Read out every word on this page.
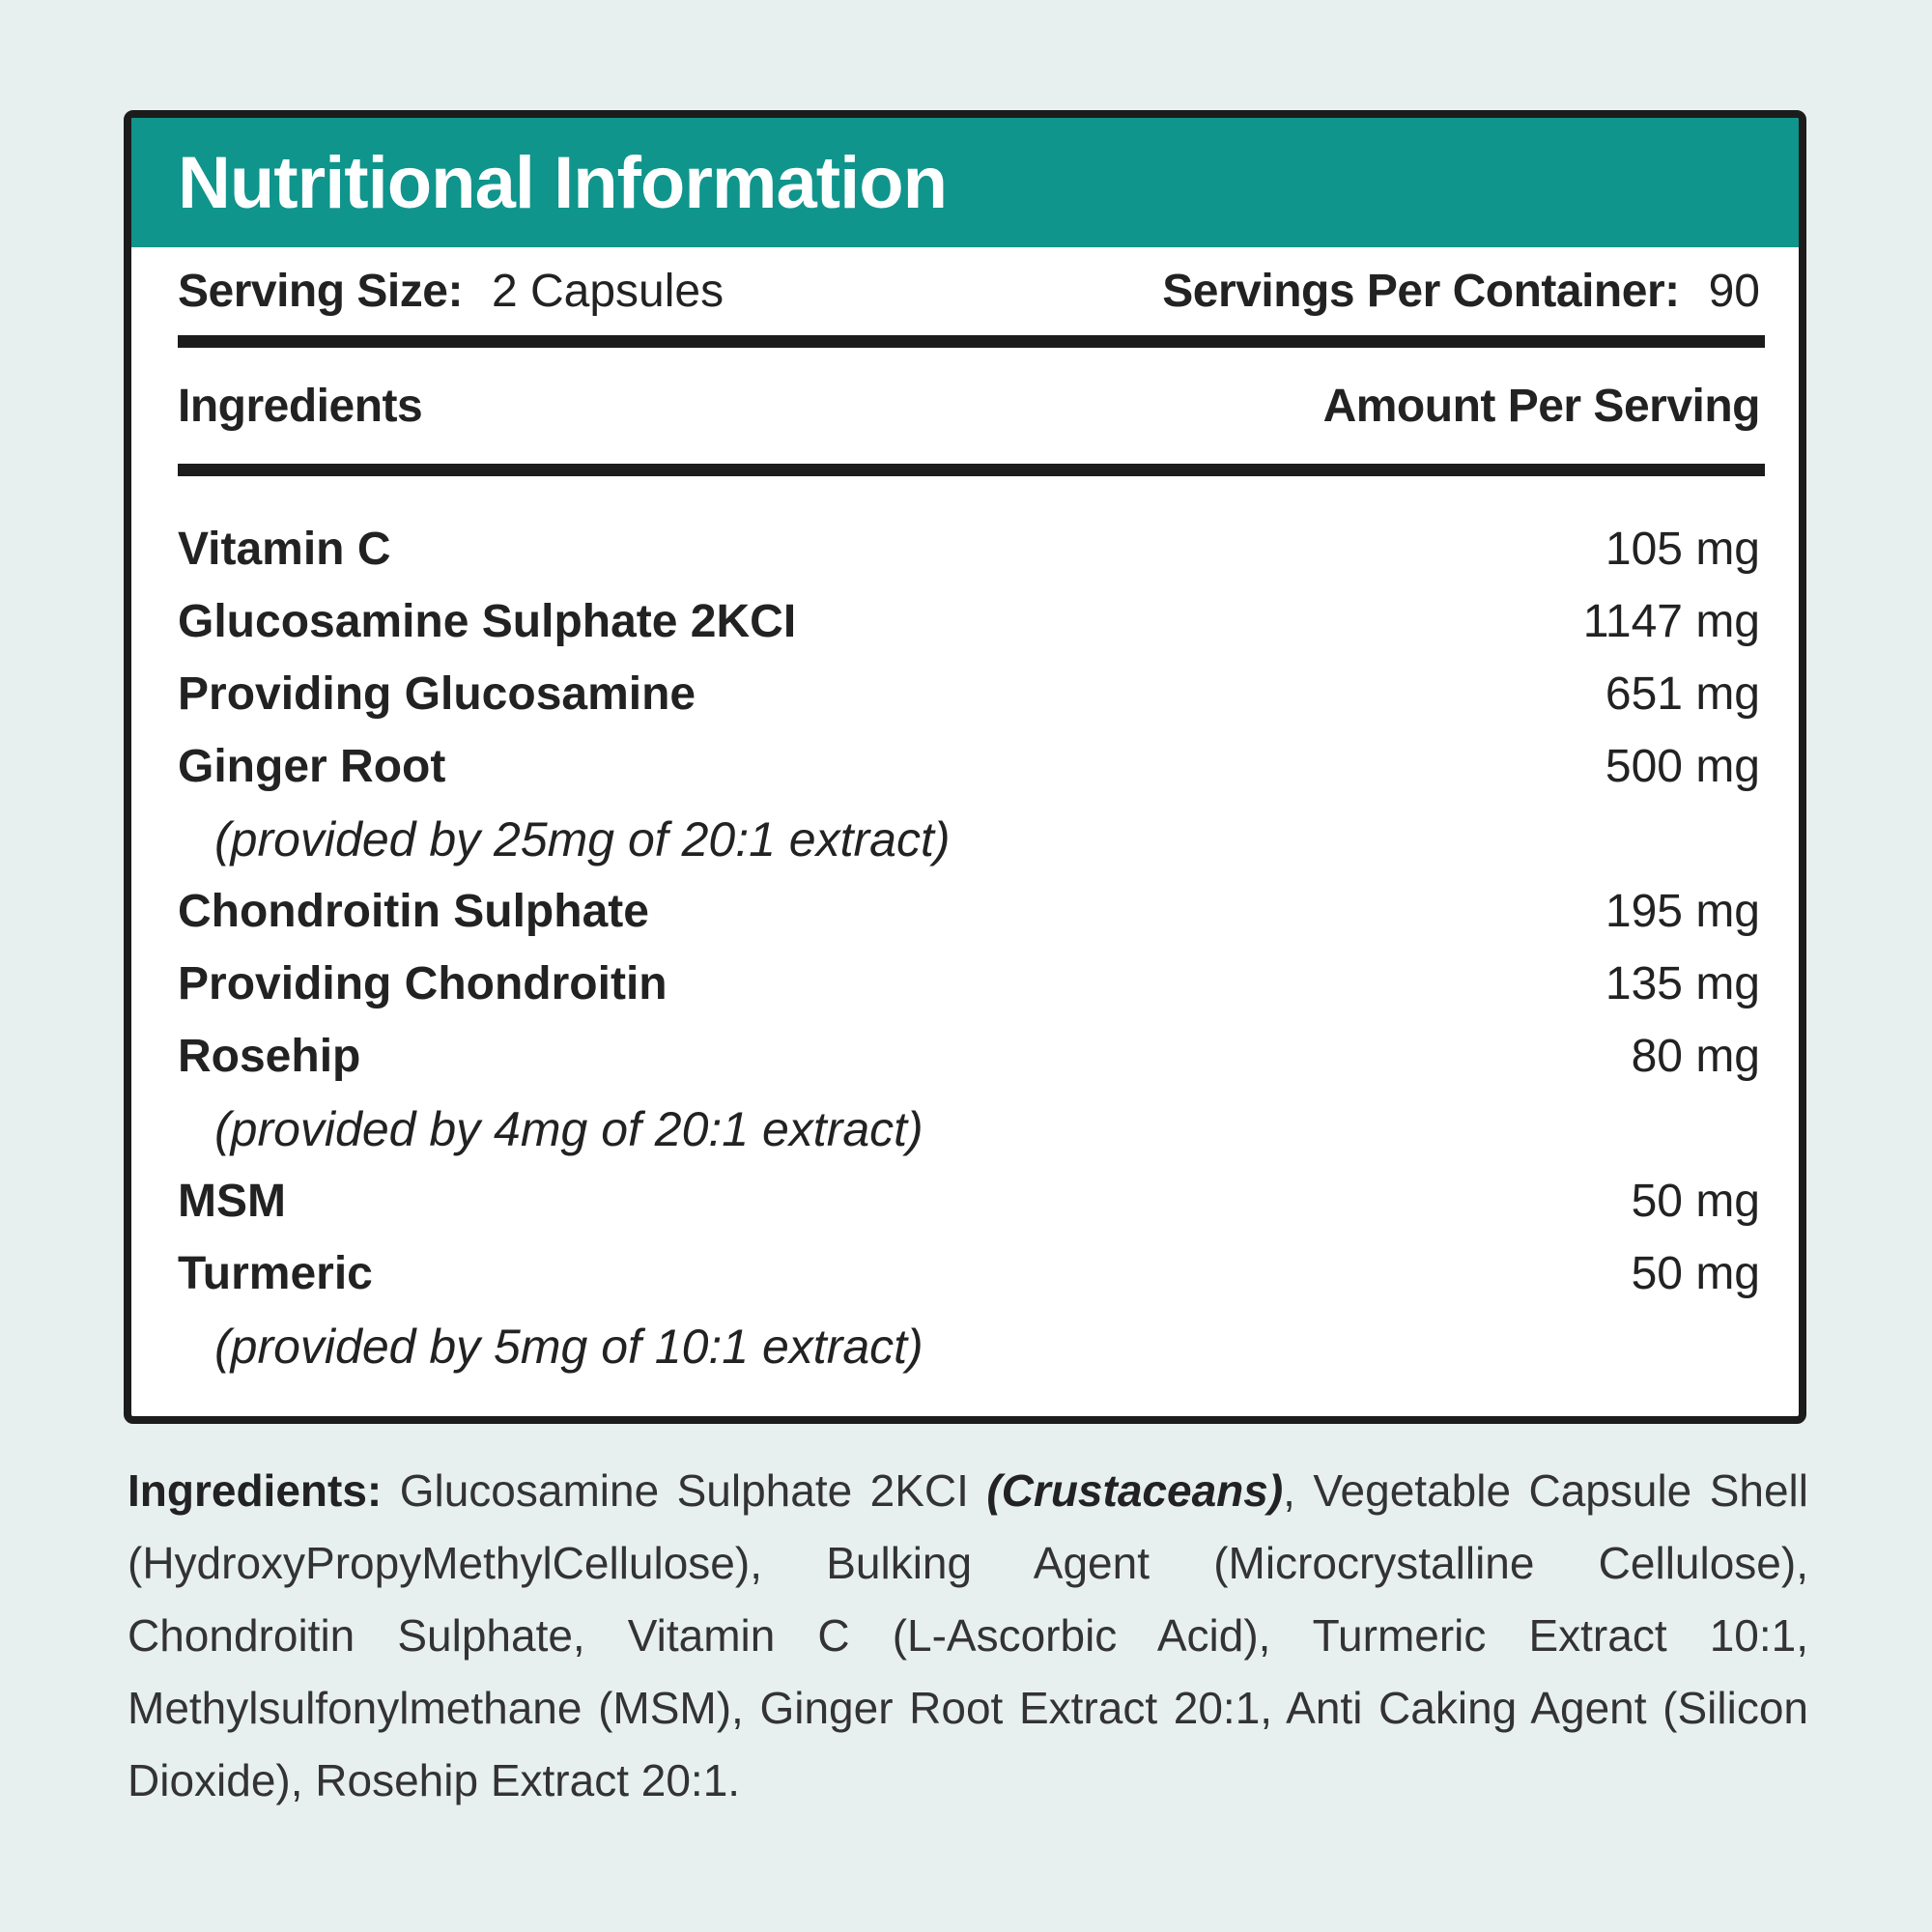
Nutritional Information
Serving Size: 2 Capsules	Servings Per Container: 90
Ingredients	Amount Per Serving
Vitamin C	105 mg
Glucosamine Sulphate 2KCI	1147 mg
Providing Glucosamine	651 mg
Ginger Root	500 mg
(provided by 25mg of 20:1 extract)
Chondroitin Sulphate	195 mg
Providing Chondroitin	135 mg
Rosehip	80 mg
(provided by 4mg of 20:1 extract)
MSM	50 mg
Turmeric	50 mg
(provided by 5mg of 10:1 extract)
Ingredients: Glucosamine Sulphate 2KCI (Crustaceans), Vegetable Capsule Shell (HydroxyPropyMethylCellulose), Bulking Agent (Microcrystalline Cellulose), Chondroitin Sulphate, Vitamin C (L-Ascorbic Acid), Turmeric Extract 10:1, Methylsulfonylmethane (MSM), Ginger Root Extract 20:1, Anti Caking Agent (Silicon Dioxide), Rosehip Extract 20:1.
